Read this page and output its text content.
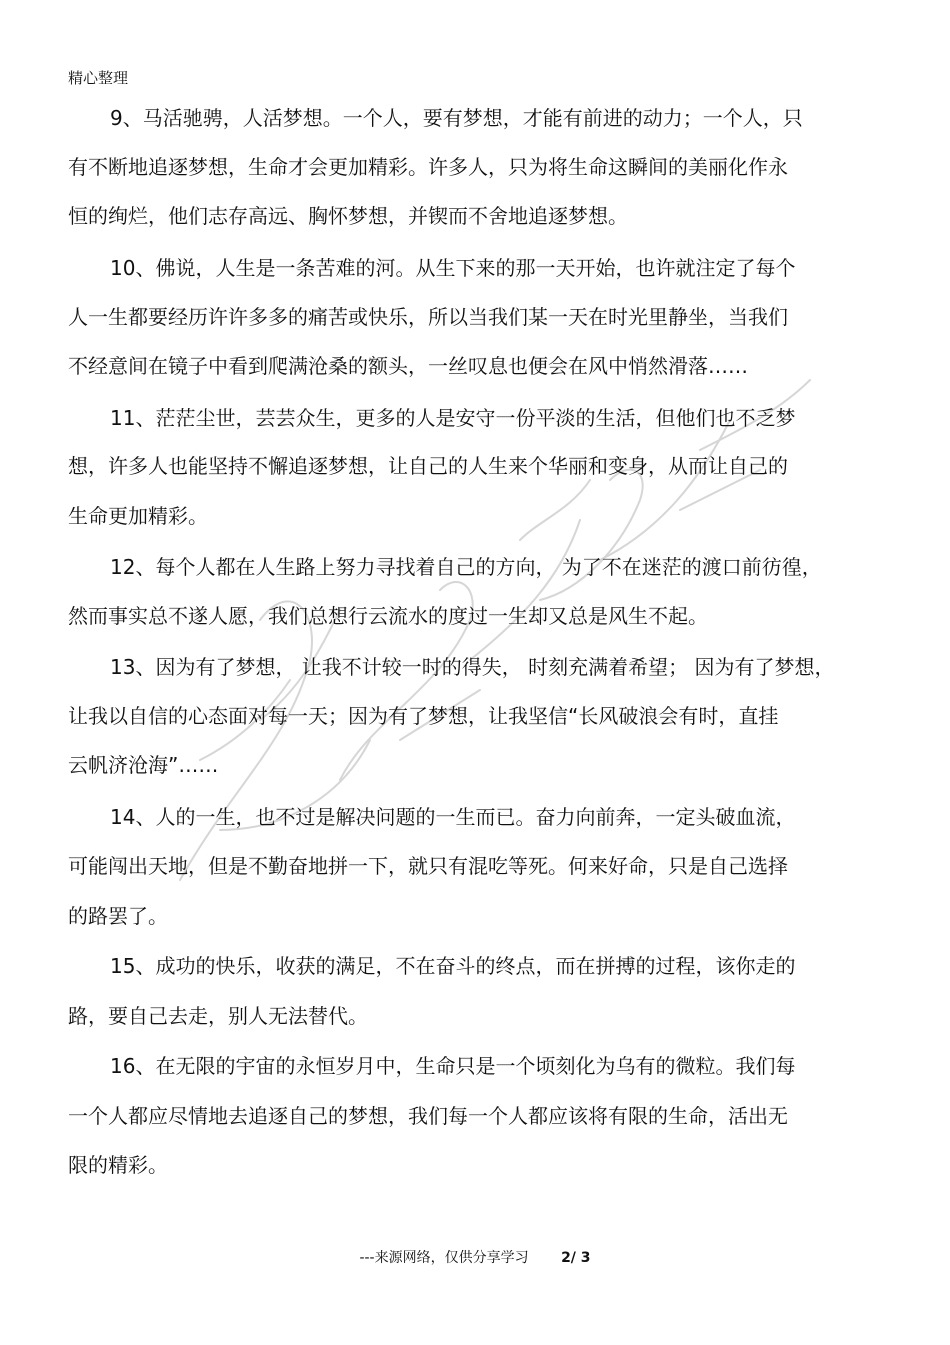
精心整理
9、马活驰骋，人活梦想。一个人，要有梦想，才能有前进的动力；一个人，只
有不断地追逐梦想，生命才会更加精彩。许多人，只为将生命这瞬间的美丽化作永
恒的绚烂，他们志存高远、胸怀梦想，并锲而不舍地追逐梦想。
10、佛说，人生是一条苦难的河。从生下来的那一天开始，也许就注定了每个
人一生都要经历许许多多的痛苦或快乐，所以当我们某一天在时光里静坐，当我们
不经意间在镜子中看到爬满沧桑的额头，一丝叹息也便会在风中悄然滑落……
11、茫茫尘世，芸芸众生，更多的人是安守一份平淡的生活，但他们也不乏梦
想，许多人也能坚持不懈追逐梦想，让自己的人生来个华丽和变身，从而让自己的
生命更加精彩。
12、每个人都在人生路上努力寻找着自己的方向， 为了不在迷茫的渡口前彷徨，
然而事实总不遂人愿，我们总想行云流水的度过一生却又总是风生不起。
13、因为有了梦想， 让我不计较一时的得失， 时刻充满着希望； 因为有了梦想，
让我以自信的心态面对每一天；因为有了梦想，让我坚信“长风破浪会有时，直挂
云帆济沧海”……
14、人的一生，也不过是解决问题的一生而已。奋力向前奔，一定头破血流，
可能闯出天地，但是不勤奋地拼一下，就只有混吃等死。何来好命，只是自己选择
的路罢了。
15、成功的快乐，收获的满足，不在奋斗的终点，而在拼搏的过程，该你走的
路，要自己去走，别人无法替代。
16、在无限的宇宙的永恒岁月中，生命只是一个顷刻化为乌有的微粒。我们每
一个人都应尽情地去追逐自己的梦想，我们每一个人都应该将有限的生命，活出无
限的精彩。
---来源网络，仅供分享学习 2/ 3
